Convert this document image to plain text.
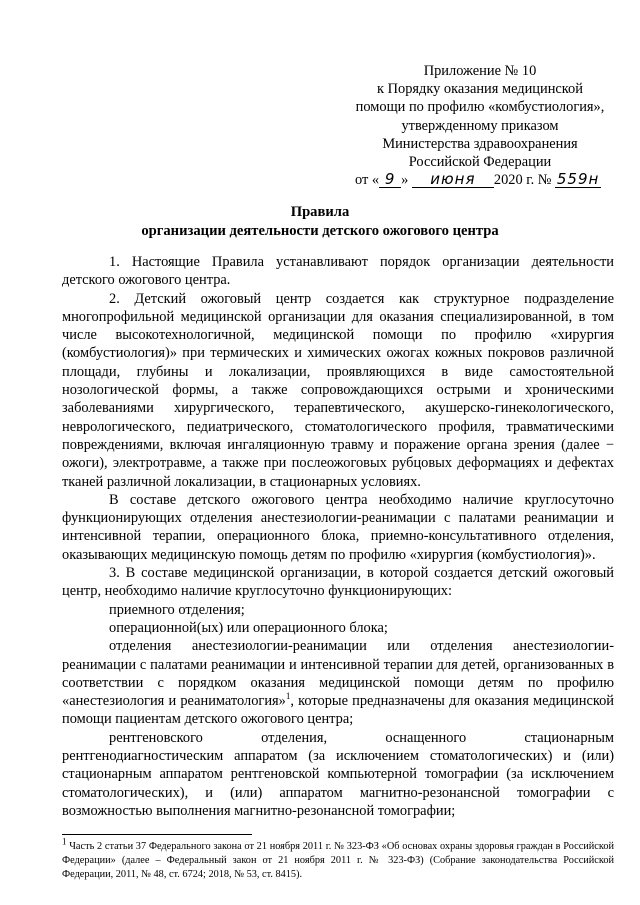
Приложение № 10
к Порядку оказания медицинской
помощи по профилю «комбустиология»,
утвержденному приказом
Министерства здравоохранения
Российской Федерации
от « 9 » июня 2020 г. № 559н
Правила
организации деятельности детского ожогового центра

1. Настоящие Правила устанавливают порядок организации деятельности детского ожогового центра.

2. Детский ожоговый центр создается как структурное подразделение многопрофильной медицинской организации для оказания специализированной, в том числе высокотехнологичной, медицинской помощи по профилю «хирургия (комбустиология)» при термических и химических ожогах кожных покровов различной площади, глубины и локализации, проявляющихся в виде самостоятельной нозологической формы, а также сопровождающихся острыми и хроническими заболеваниями хирургического, терапевтического, акушерско-гинекологического, неврологического, педиатрического, стоматологического профиля, травматическими повреждениями, включая ингаляционную травму и поражение органа зрения (далее − ожоги), электротравме, а также при послеожоговых рубцовых деформациях и дефектах тканей различной локализации, в стационарных условиях.

В составе детского ожогового центра необходимо наличие круглосуточно функционирующих отделения анестезиологии-реанимации с палатами реанимации и интенсивной терапии, операционного блока, приемно-консультативного отделения, оказывающих медицинскую помощь детям по профилю «хирургия (комбустиология)».

3. В составе медицинской организации, в которой создается детский ожоговый центр, необходимо наличие круглосуточно функционирующих:

приемного отделения;

операционной(ых) или операционного блока;

отделения анестезиологии-реанимации или отделения анестезиологии-реанимации с палатами реанимации и интенсивной терапии для детей, организованных в соответствии с порядком оказания медицинской помощи детям по профилю «анестезиология и реаниматология»$^1$, которые предназначены для оказания медицинской помощи пациентам детского ожогового центра;

рентгеновского отделения, оснащенного стационарным рентгенодиагностическим аппаратом (за исключением стоматологических) и (или) стационарным аппаратом рентгеновской компьютерной томографии (за исключением стоматологических), и (или) аппаратом магнитно-резонансной томографии с возможностью выполнения магнитно-резонансной томографии;

$^1$ Часть 2 статьи 37 Федерального закона от 21 ноября 2011 г. № 323-ФЗ «Об основах охраны здоровья граждан в Российской Федерации» (далее – Федеральный закон от 21 ноября 2011 г. № 323-ФЗ) (Собрание законодательства Российской Федерации, 2011, № 48, ст. 6724; 2018, № 53, ст. 8415).
